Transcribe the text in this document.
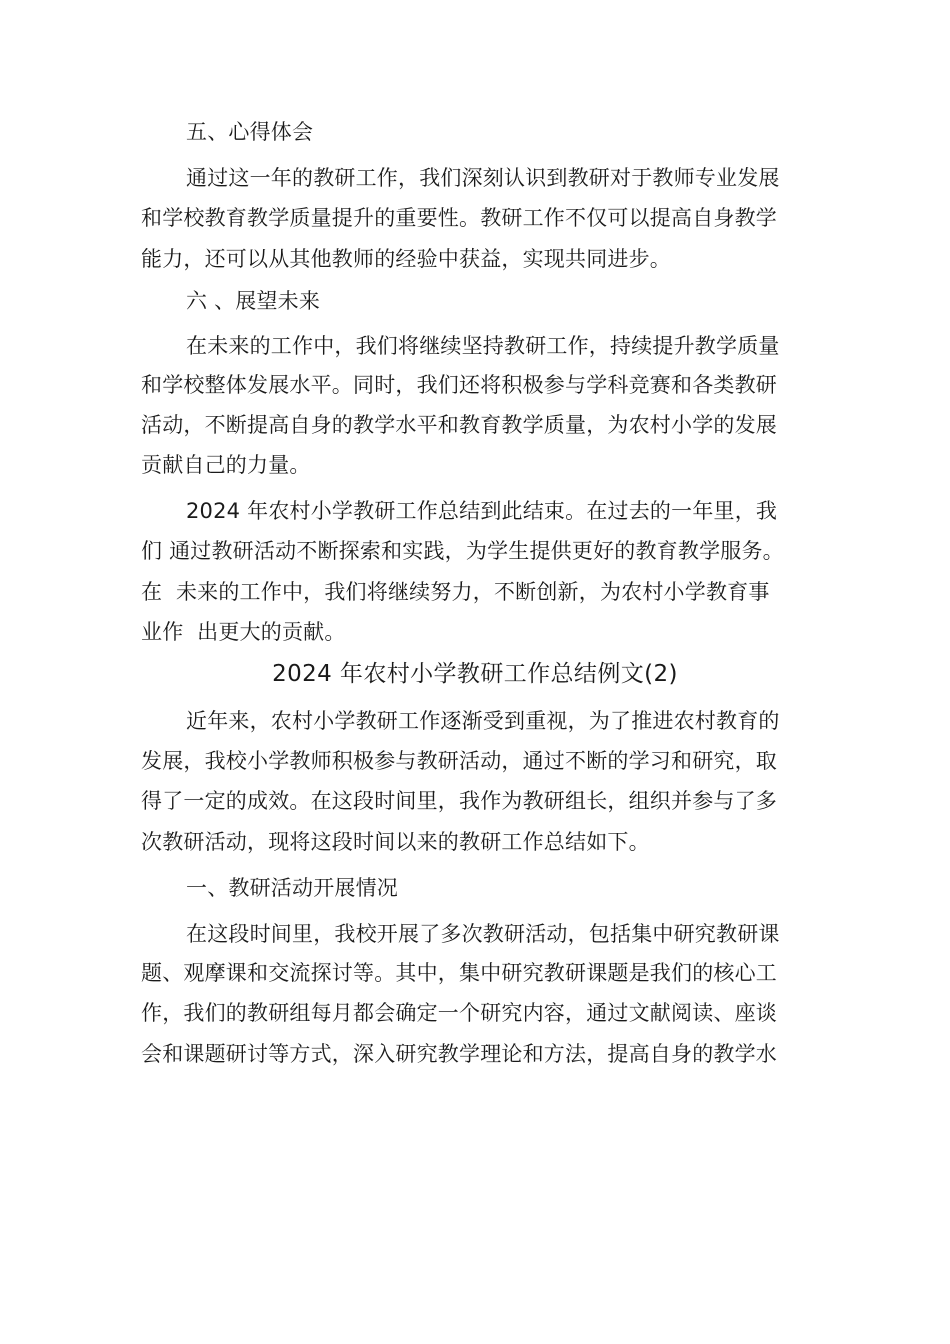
五、心得体会
通过这一年的教研工作，我们深刻认识到教研对于教师专业发展
和学校教育教学质量提升的重要性。教研工作不仅可以提高自身教学
能力，还可以从其他教师的经验中获益，实现共同进步。
六 、展望未来
在未来的工作中，我们将继续坚持教研工作，持续提升教学质量
和学校整体发展水平。同时，我们还将积极参与学科竞赛和各类教研
活动，不断提高自身的教学水平和教育教学质量，为农村小学的发展
贡献自己的力量。
2024 年农村小学教研工作总结到此结束。在过去的一年里，我
们 通过教研活动不断探索和实践，为学生提供更好的教育教学服务。
在  未来的工作中，我们将继续努力，不断创新，为农村小学教育事
业作  出更大的贡献。
2024 年农村小学教研工作总结例文(2)
近年来，农村小学教研工作逐渐受到重视，为了推进农村教育的
发展，我校小学教师积极参与教研活动，通过不断的学习和研究，取
得了一定的成效。在这段时间里，我作为教研组长，组织并参与了多
次教研活动，现将这段时间以来的教研工作总结如下。
一、教研活动开展情况
在这段时间里，我校开展了多次教研活动，包括集中研究教研课
题、观摩课和交流探讨等。其中，集中研究教研课题是我们的核心工
作，我们的教研组每月都会确定一个研究内容，通过文献阅读、座谈
会和课题研讨等方式，深入研究教学理论和方法，提高自身的教学水
